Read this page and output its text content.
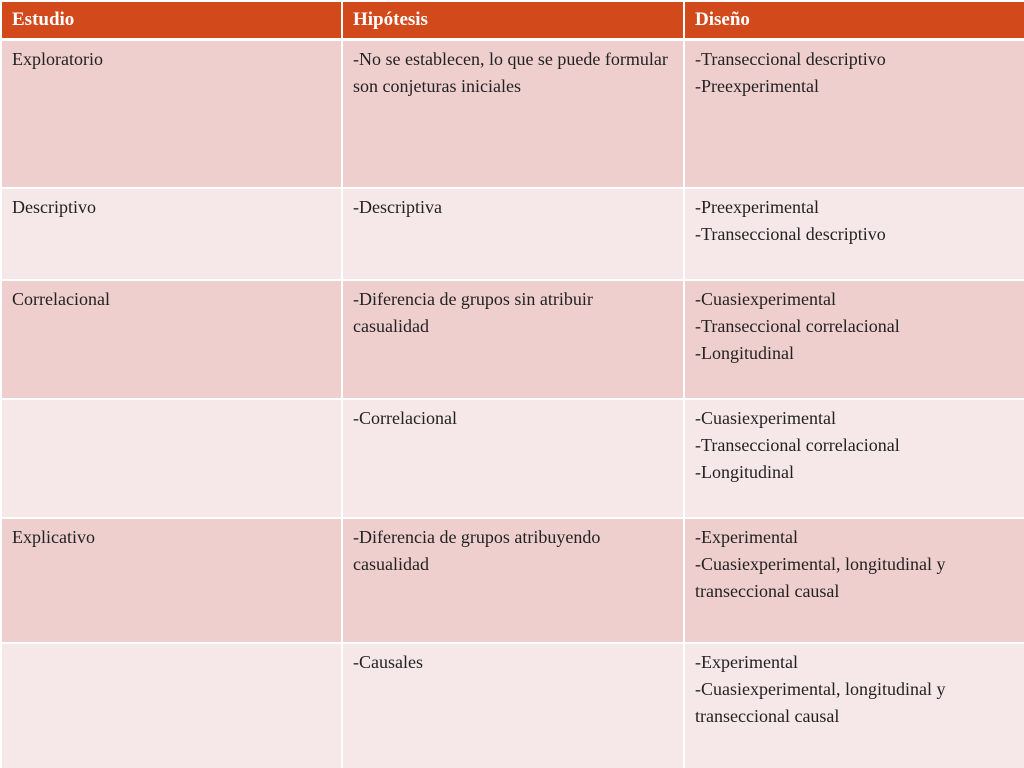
Estudio	Hipótesis	Diseño
Exploratorio	-No se establecen, lo que se puede formular son conjeturas iniciales	-Transeccional descriptivo
-Preexperimental

Descriptivo	-Descriptiva	-Preexperimental
-Transeccional descriptivo

Correlacional	-Diferencia de grupos sin atribuir casualidad	-Cuasiexperimental
-Transeccional correlacional
-Longitudinal

	-Correlacional	-Cuasiexperimental
-Transeccional correlacional
-Longitudinal

Explicativo	-Diferencia de grupos atribuyendo casualidad	-Experimental
-Cuasiexperimental, longitudinal y transeccional causal

	-Causales	-Experimental
-Cuasiexperimental, longitudinal y transeccional causal
